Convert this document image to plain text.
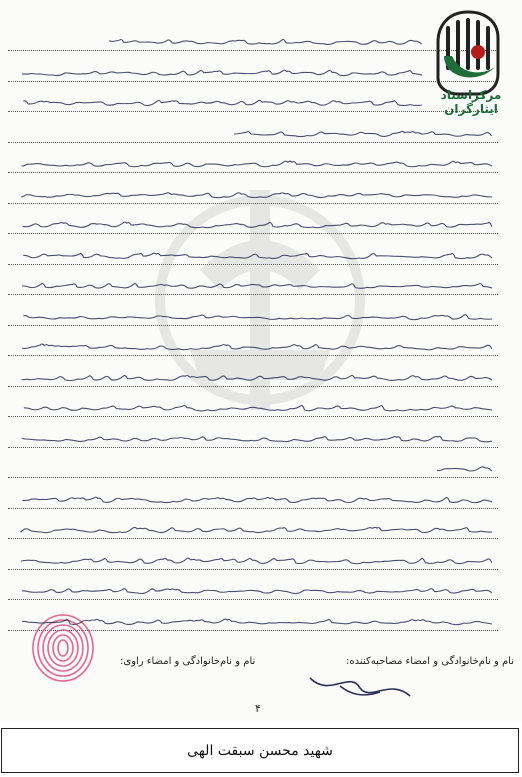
مرکزاسناد ایثارگران
نام و نام‌خانوادگی و امضاء مصاحبه‌کننده:
نام و نام‌خانوادگی و امضاء راوی:
۴
شهید محسن سبقت الهی
